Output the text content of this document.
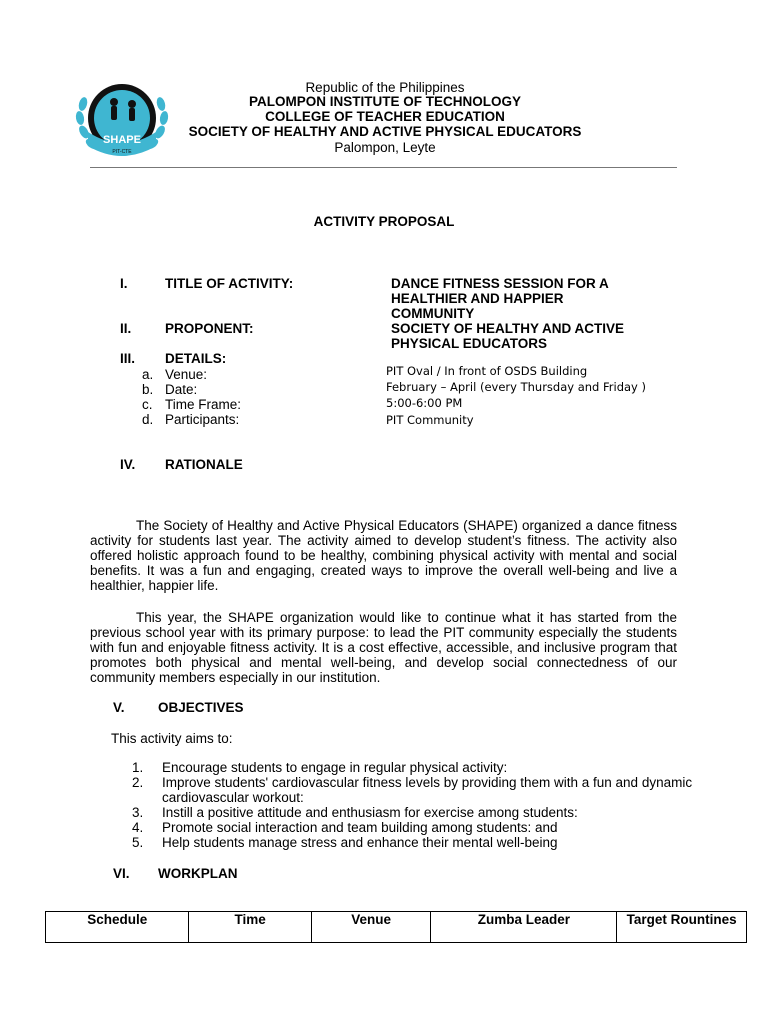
SHAPE
PIT-CTE
Republic of the Philippines
PALOMPON INSTITUTE OF TECHNOLOGY
COLLEGE OF TEACHER EDUCATION
SOCIETY OF HEALTHY AND ACTIVE PHYSICAL EDUCATORS
Palompon, Leyte
ACTIVITY PROPOSAL
I.	TITLE OF ACTIVITY:	DANCE FITNESS SESSION FOR A
HEALTHIER AND HAPPIER
COMMUNITY
II. PROPONENT:	SOCIETY OF HEALTHY AND ACTIVE
PHYSICAL EDUCATORS
III. DETAILS:
a. Venue:	PIT Oval / In front of OSDS Building
b. Date:	February – April (every Thursday and Friday )
c. Time Frame:	5:00-6:00 PM
d. Participants:	PIT Community
IV. RATIONALE
The Society of Healthy and Active Physical Educators (SHAPE) organized a dance fitness activity for students last year. The activity aimed to develop student’s fitness. The activity also offered holistic approach found to be healthy, combining physical activity with mental and social benefits. It was a fun and engaging, created ways to improve the overall well-being and live a healthier, happier life.
This year, the SHAPE organization would like to continue what it has started from the previous school year with its primary purpose: to lead the PIT community especially the students with fun and enjoyable fitness activity. It is a cost effective, accessible, and inclusive program that promotes both physical and mental well-being, and develop social connectedness of our community members especially in our institution.
V. OBJECTIVES
This activity aims to:
1.	Encourage students to engage in regular physical activity:
2.	Improve students' cardiovascular fitness levels by providing them with a fun and dynamic cardiovascular workout:
3.	Instill a positive attitude and enthusiasm for exercise among students:
4.	Promote social interaction and team building among students: and
5.	Help students manage stress and enhance their mental well-being
VI. WORKPLAN
Schedule	Time	Venue	Zumba Leader	Target Rountines
